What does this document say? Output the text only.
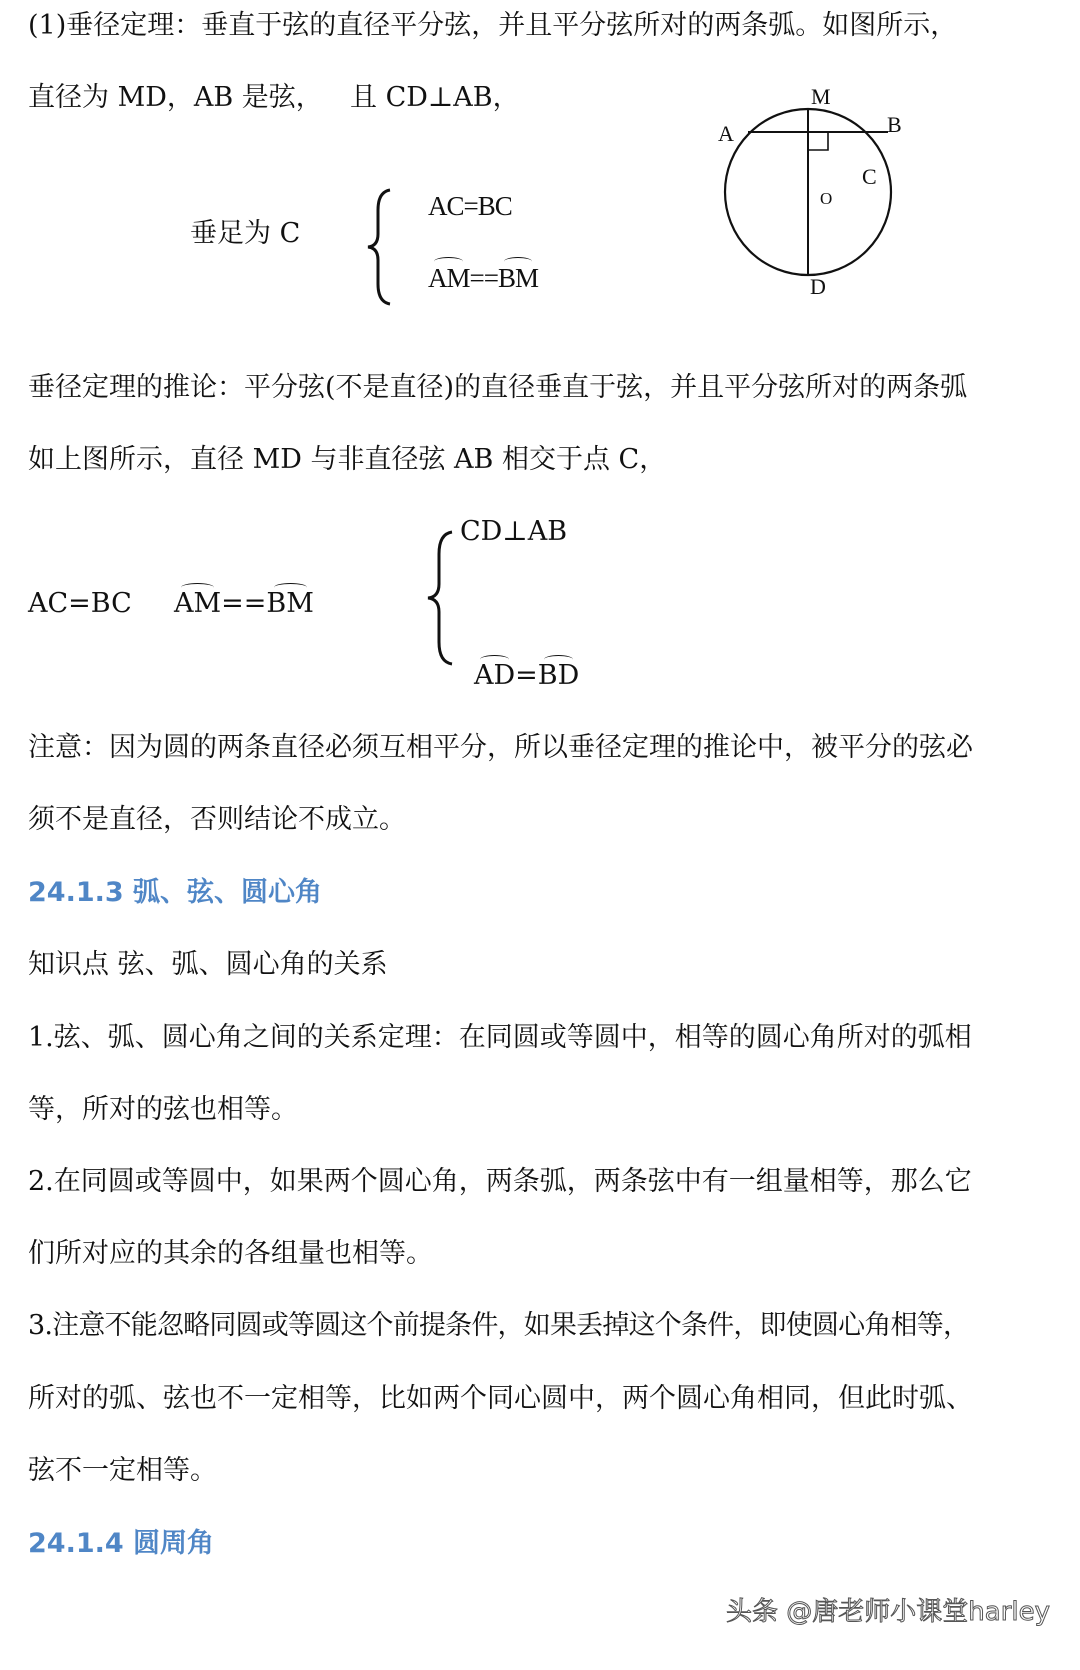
(1)垂径定理：垂直于弦的直径平分弦，并且平分弦所对的两条弧。如图所示，
直径为 MD，AB 是弦， 且 CD⊥AB，
垂足为 C
AC=BC
AM==BM
M
A	B
C
O
D
垂径定理的推论：平分弦(不是直径)的直径垂直于弦，并且平分弦所对的两条弧
如上图所示，直径 MD 与非直径弦 AB 相交于点 C，
AC=BC AM==BM
CD⊥AB
AD=BD
注意：因为圆的两条直径必须互相平分，所以垂径定理的推论中，被平分的弦必
须不是直径，否则结论不成立。
24.1.3 弧、弦、圆心角
知识点 弦、弧、圆心角的关系
1.弦、弧、圆心角之间的关系定理：在同圆或等圆中，相等的圆心角所对的弧相
等，所对的弦也相等。
2.在同圆或等圆中，如果两个圆心角，两条弧，两条弦中有一组量相等，那么它
们所对应的其余的各组量也相等。
3.注意不能忽略同圆或等圆这个前提条件，如果丢掉这个条件，即使圆心角相等，
所对的弧、弦也不一定相等，比如两个同心圆中，两个圆心角相同，但此时弧、
弦不一定相等。
24.1.4 圆周角
头条 @唐老师小课堂harley
